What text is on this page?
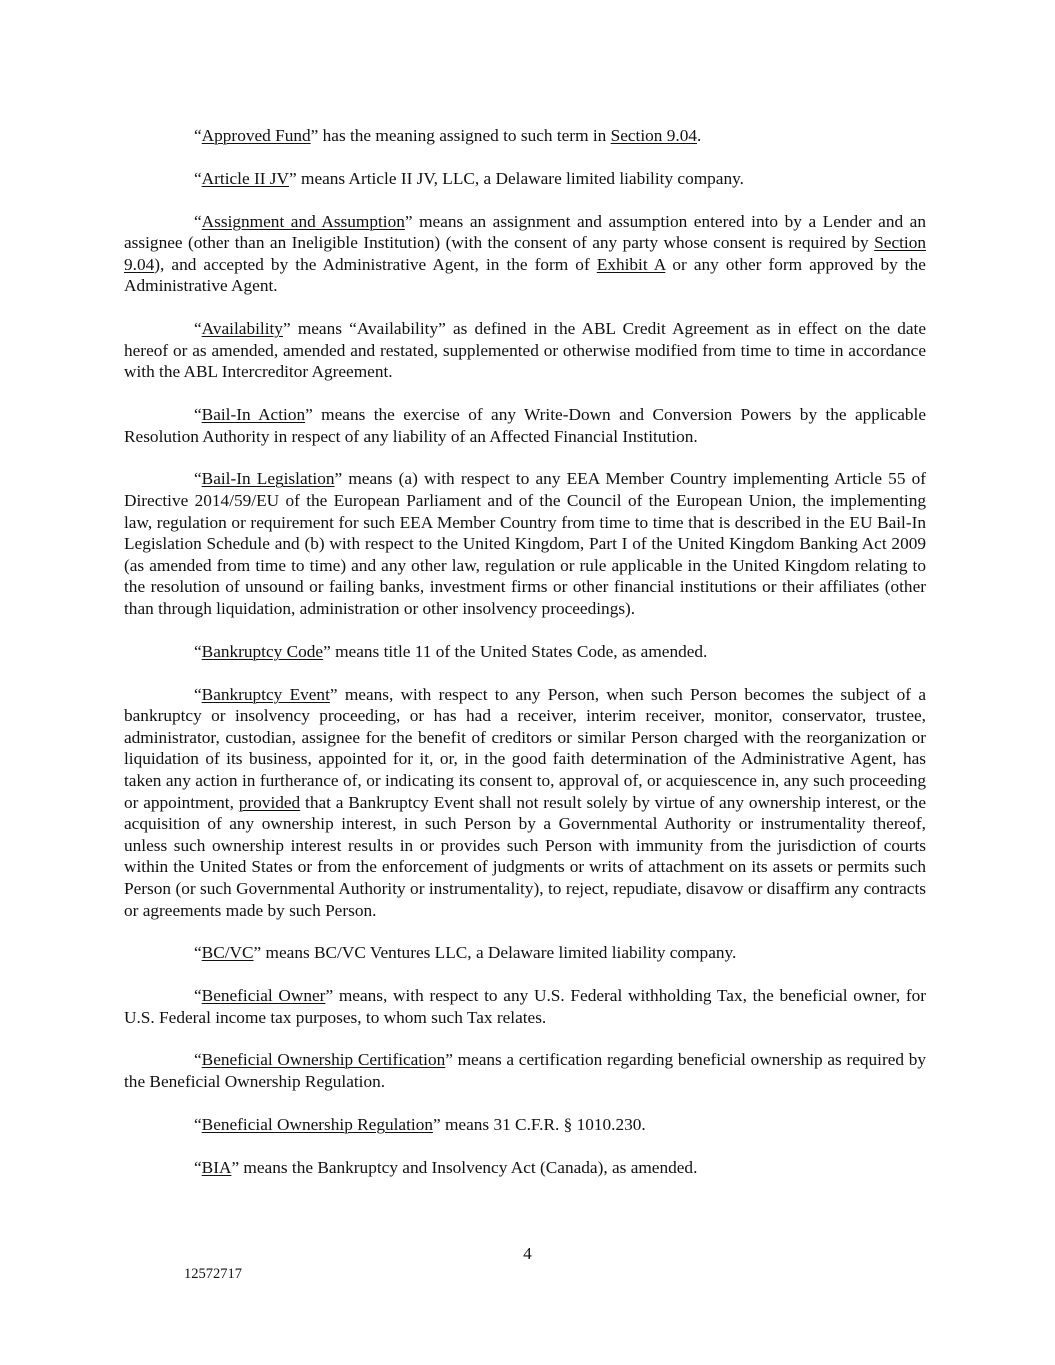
“Approved Fund” has the meaning assigned to such term in Section 9.04.

“Article II JV” means Article II JV, LLC, a Delaware limited liability company.

“Assignment and Assumption” means an assignment and assumption entered into by a Lender and an assignee (other than an Ineligible Institution) (with the consent of any party whose consent is required by Section 9.04), and accepted by the Administrative Agent, in the form of Exhibit A or any other form approved by the Administrative Agent.

“Availability” means “Availability” as defined in the ABL Credit Agreement as in effect on the date hereof or as amended, amended and restated, supplemented or otherwise modified from time to time in accordance with the ABL Intercreditor Agreement.

“Bail-In Action” means the exercise of any Write-Down and Conversion Powers by the applicable Resolution Authority in respect of any liability of an Affected Financial Institution.

“Bail-In Legislation” means (a) with respect to any EEA Member Country implementing Article 55 of Directive 2014/59/EU of the European Parliament and of the Council of the European Union, the implementing law, regulation or requirement for such EEA Member Country from time to time that is described in the EU Bail-In Legislation Schedule and (b) with respect to the United Kingdom, Part I of the United Kingdom Banking Act 2009 (as amended from time to time) and any other law, regulation or rule applicable in the United Kingdom relating to the resolution of unsound or failing banks, investment firms or other financial institutions or their affiliates (other than through liquidation, administration or other insolvency proceedings).

“Bankruptcy Code” means title 11 of the United States Code, as amended.

“Bankruptcy Event” means, with respect to any Person, when such Person becomes the subject of a bankruptcy or insolvency proceeding, or has had a receiver, interim receiver, monitor, conservator, trustee, administrator, custodian, assignee for the benefit of creditors or similar Person charged with the reorganization or liquidation of its business, appointed for it, or, in the good faith determination of the Administrative Agent, has taken any action in furtherance of, or indicating its consent to, approval of, or acquiescence in, any such proceeding or appointment, provided that a Bankruptcy Event shall not result solely by virtue of any ownership interest, or the acquisition of any ownership interest, in such Person by a Governmental Authority or instrumentality thereof, unless such ownership interest results in or provides such Person with immunity from the jurisdiction of courts within the United States or from the enforcement of judgments or writs of attachment on its assets or permits such Person (or such Governmental Authority or instrumentality), to reject, repudiate, disavow or disaffirm any contracts or agreements made by such Person.

“BC/VC” means BC/VC Ventures LLC, a Delaware limited liability company.

“Beneficial Owner” means, with respect to any U.S. Federal withholding Tax, the beneficial owner, for U.S. Federal income tax purposes, to whom such Tax relates.

“Beneficial Ownership Certification” means a certification regarding beneficial ownership as required by the Beneficial Ownership Regulation.

“Beneficial Ownership Regulation” means 31 C.F.R. § 1010.230.

“BIA” means the Bankruptcy and Insolvency Act (Canada), as amended.

4
12572717
